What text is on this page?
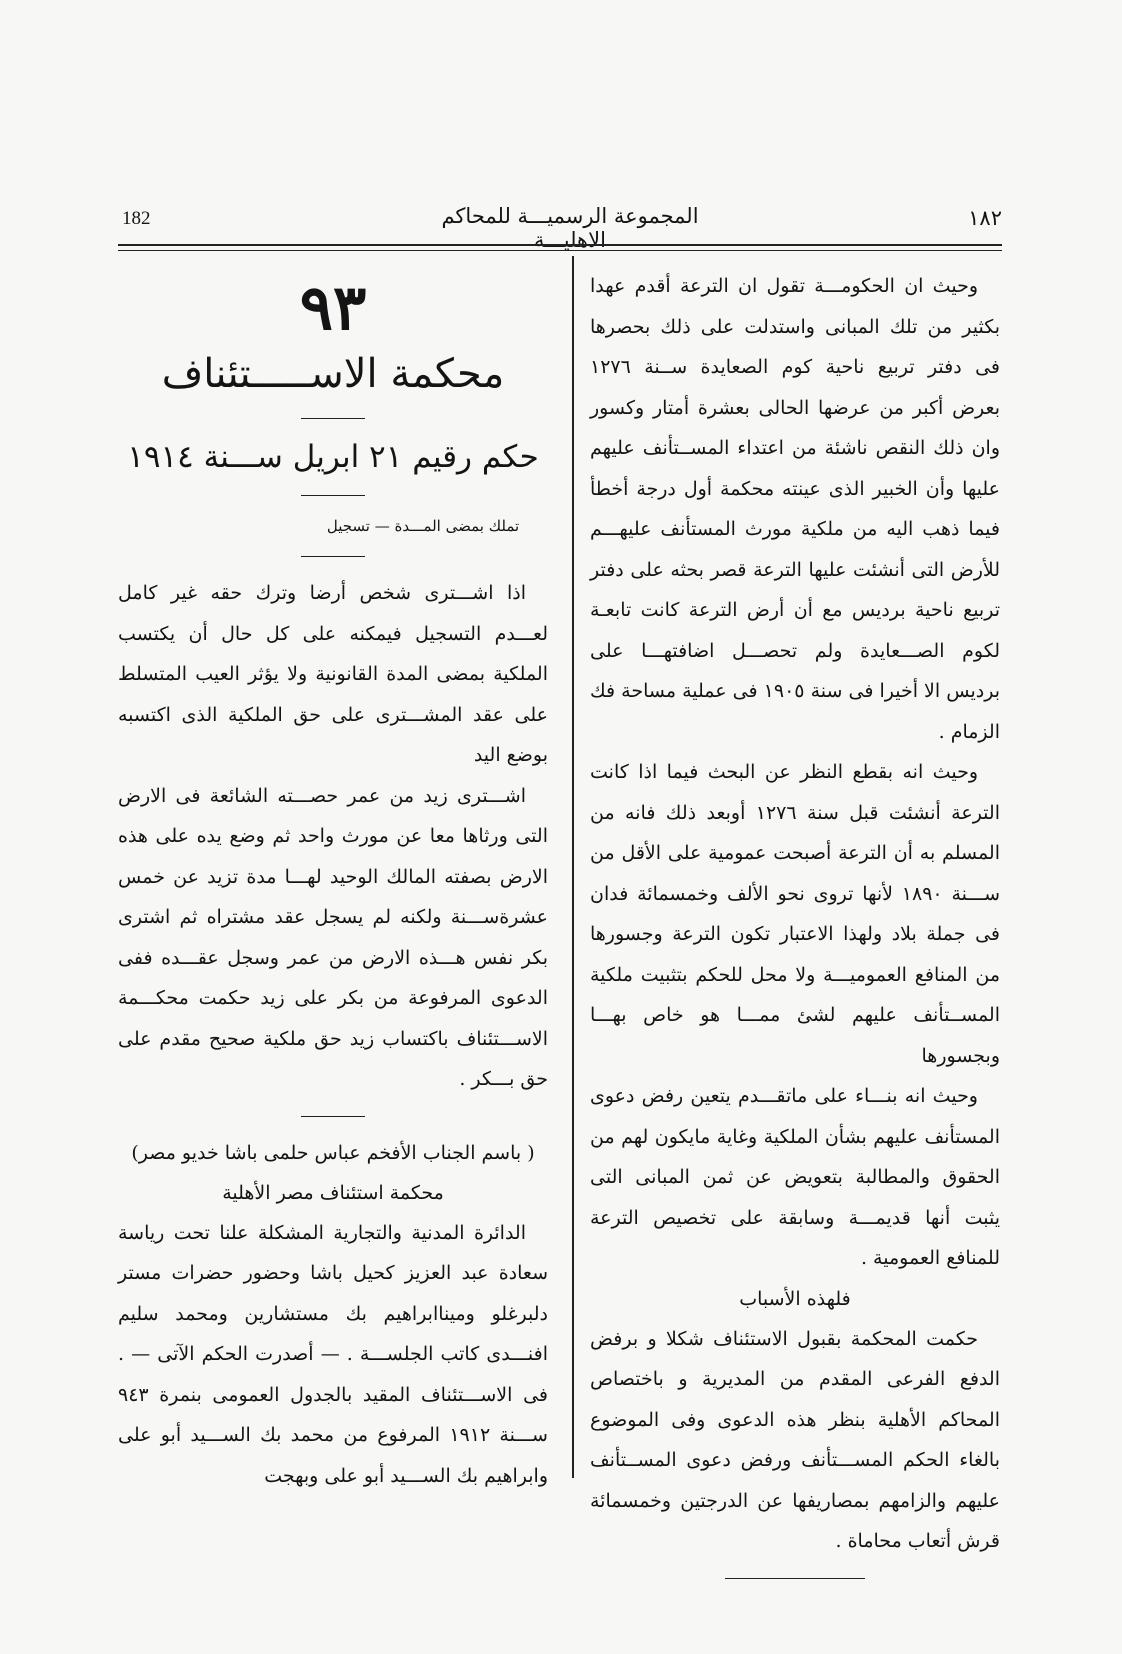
182	المجموعة الرسميـــة للمحاكم الاهليـــة
١٨٢

وحيث ان الحكومـــة تقول ان الترعة أقدم عهدا بكثير من تلك المبانى واستدلت على ذلك بحصرها فى دفتر تربيع ناحية كوم الصعايدة ســنة ١٢٧٦ بعرض أكبر من عرضها الحالى بعشرة أمتار وكسور وان ذلك النقص ناشئة من اعتداء المســتأنف عليهم عليها وأن الخبير الذى عينته محكمة أول درجة أخطأ فيما ذهب اليه من ملكية مورث المستأنف عليهـــم للأرض التى أنشئت عليها الترعة قصر بحثه على دفتر تربيع ناحية برديس مع أن أرض الترعة كانت تابعـة لكوم الصـــعايدة ولم تحصـــل اضافتهـــا على برديس الا أخيرا فى سنة ١٩٠٥ فى عملية مساحة فك الزمام .

وحيث انه بقطع النظر عن البحث فيما اذا كانت الترعة أنشئت قبل سنة ١٢٧٦ أوبعد ذلك فانه من المسلم به أن الترعة أصبحت عمومية على الأقل من ســـنة ١٨٩٠ لأنها تروى نحو الألف وخمسمائة فدان فى جملة بلاد ولهذا الاعتبار تكون الترعة وجسورها من المنافع العموميـــة ولا محل للحكم بتثبيت ملكية المســتأنف عليهم لشئ ممـــا هو خاص بهـــا وبجسورها

وحيث انه بنـــاء على ماتقـــدم يتعين رفض دعوى المستأنف عليهم بشأن الملكية وغاية مايكون لهم من الحقوق والمطالبة بتعويض عن ثمن المبانى التى يثبت أنها قديمـــة وسابقة على تخصيص الترعة للمنافع العمومية .

فلهذه الأسباب

حكمت المحكمة بقبول الاستئناف شكلا و برفض الدفع الفرعى المقدم من المديرية و باختصاص المحاكم الأهلية بنظر هذه الدعوى وفى الموضوع بالغاء الحكم المســـتأنف ورفض دعوى المســتأنف عليهم والزامهم بمصاريفها عن الدرجتين وخمسمائة قرش أتعاب محاماة .

٩٣
محكمة الاســـــتئناف
حكم رقيم ٢١ ابريل ســـنة ١٩١٤
تملك بمضى المـــدة — تسجيل

اذا اشـــترى شخص أرضا وترك حقه غير كامل لعـــدم التسجيل فيمكنه على كل حال أن يكتسب الملكية بمضى المدة القانونية ولا يؤثر العيب المتسلط على عقد المشـــترى على حق الملكية الذى اكتسبه بوضع اليد

اشـــترى زيد من عمر حصـــته الشائعة فى الارض التى ورثاها معا عن مورث واحد ثم وضع يده على هذه الارض بصفته المالك الوحيد لهـــا مدة تزيد عن خمس عشرةســـنة ولكنه لم يسجل عقد مشتراه ثم اشترى بكر نفس هـــذه الارض من عمر وسجل عقـــده ففى الدعوى المرفوعة من بكر على زيد حكمت محكـــمة الاســـتئناف باكتساب زيد حق ملكية صحيح مقدم على حق بـــكر .

( باسم الجناب الأفخم عباس حلمى باشا خديو مصر)
محكمة استئناف مصر الأهلية

الدائرة المدنية والتجارية المشكلة علنا تحت رياسة سعادة عبد العزيز كحيل باشا وحضور حضرات مستر دلبرغلو وميناابراهيم بك مستشارين ومحمد سليم افنـــدى كاتب الجلســـة . — أصدرت الحكم الآتى — . فى الاســـتئناف المقيد بالجدول العمومى بنمرة ٩٤٣ ســـنة ١٩١٢ المرفوع من محمد بك الســـيد أبو على وابراهيم بك الســـيد أبو على وبهجت
